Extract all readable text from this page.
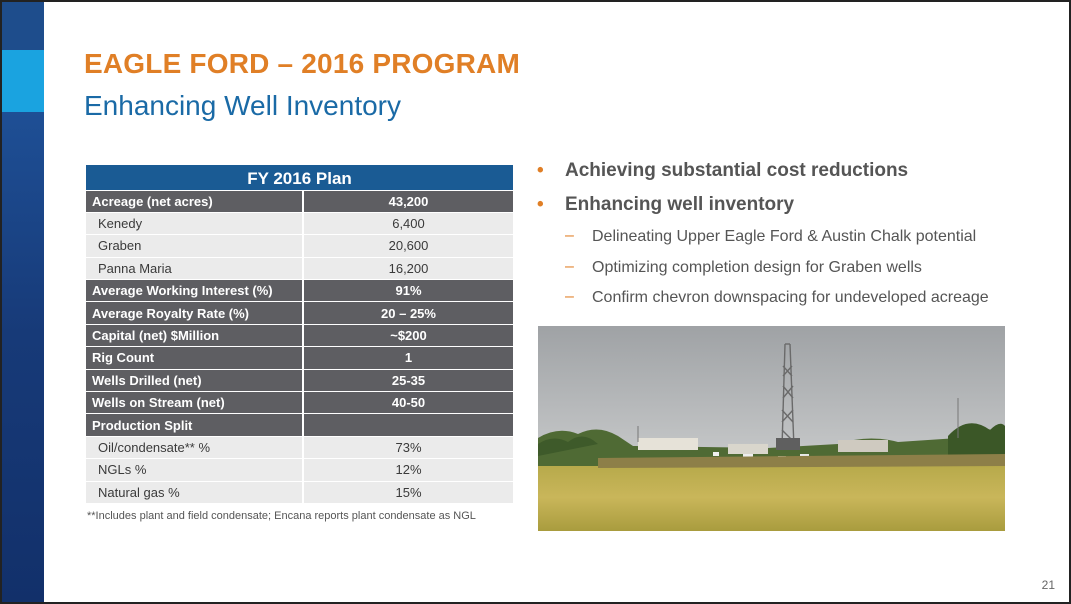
EAGLE FORD – 2016 PROGRAM
Enhancing Well Inventory
FY 2016 Plan	
Acreage (net acres)	43,200
Kenedy	6,400
Graben	20,600
Panna Maria	16,200
Average Working Interest (%)	91%
Average Royalty Rate (%)	20 – 25%
Capital (net) $Million	~$200
Rig Count	1
Wells Drilled (net)	25-35
Wells on Stream (net)	40-50
Production Split	
Oil/condensate** %	73%
NGLs %	12%
Natural gas %	15%
**Includes plant and field condensate; Encana reports plant condensate as NGL
• Achieving substantial cost reductions
• Enhancing well inventory
– Delineating Upper Eagle Ford & Austin Chalk potential
– Optimizing completion design for Graben wells
– Confirm chevron downspacing for undeveloped acreage
21
